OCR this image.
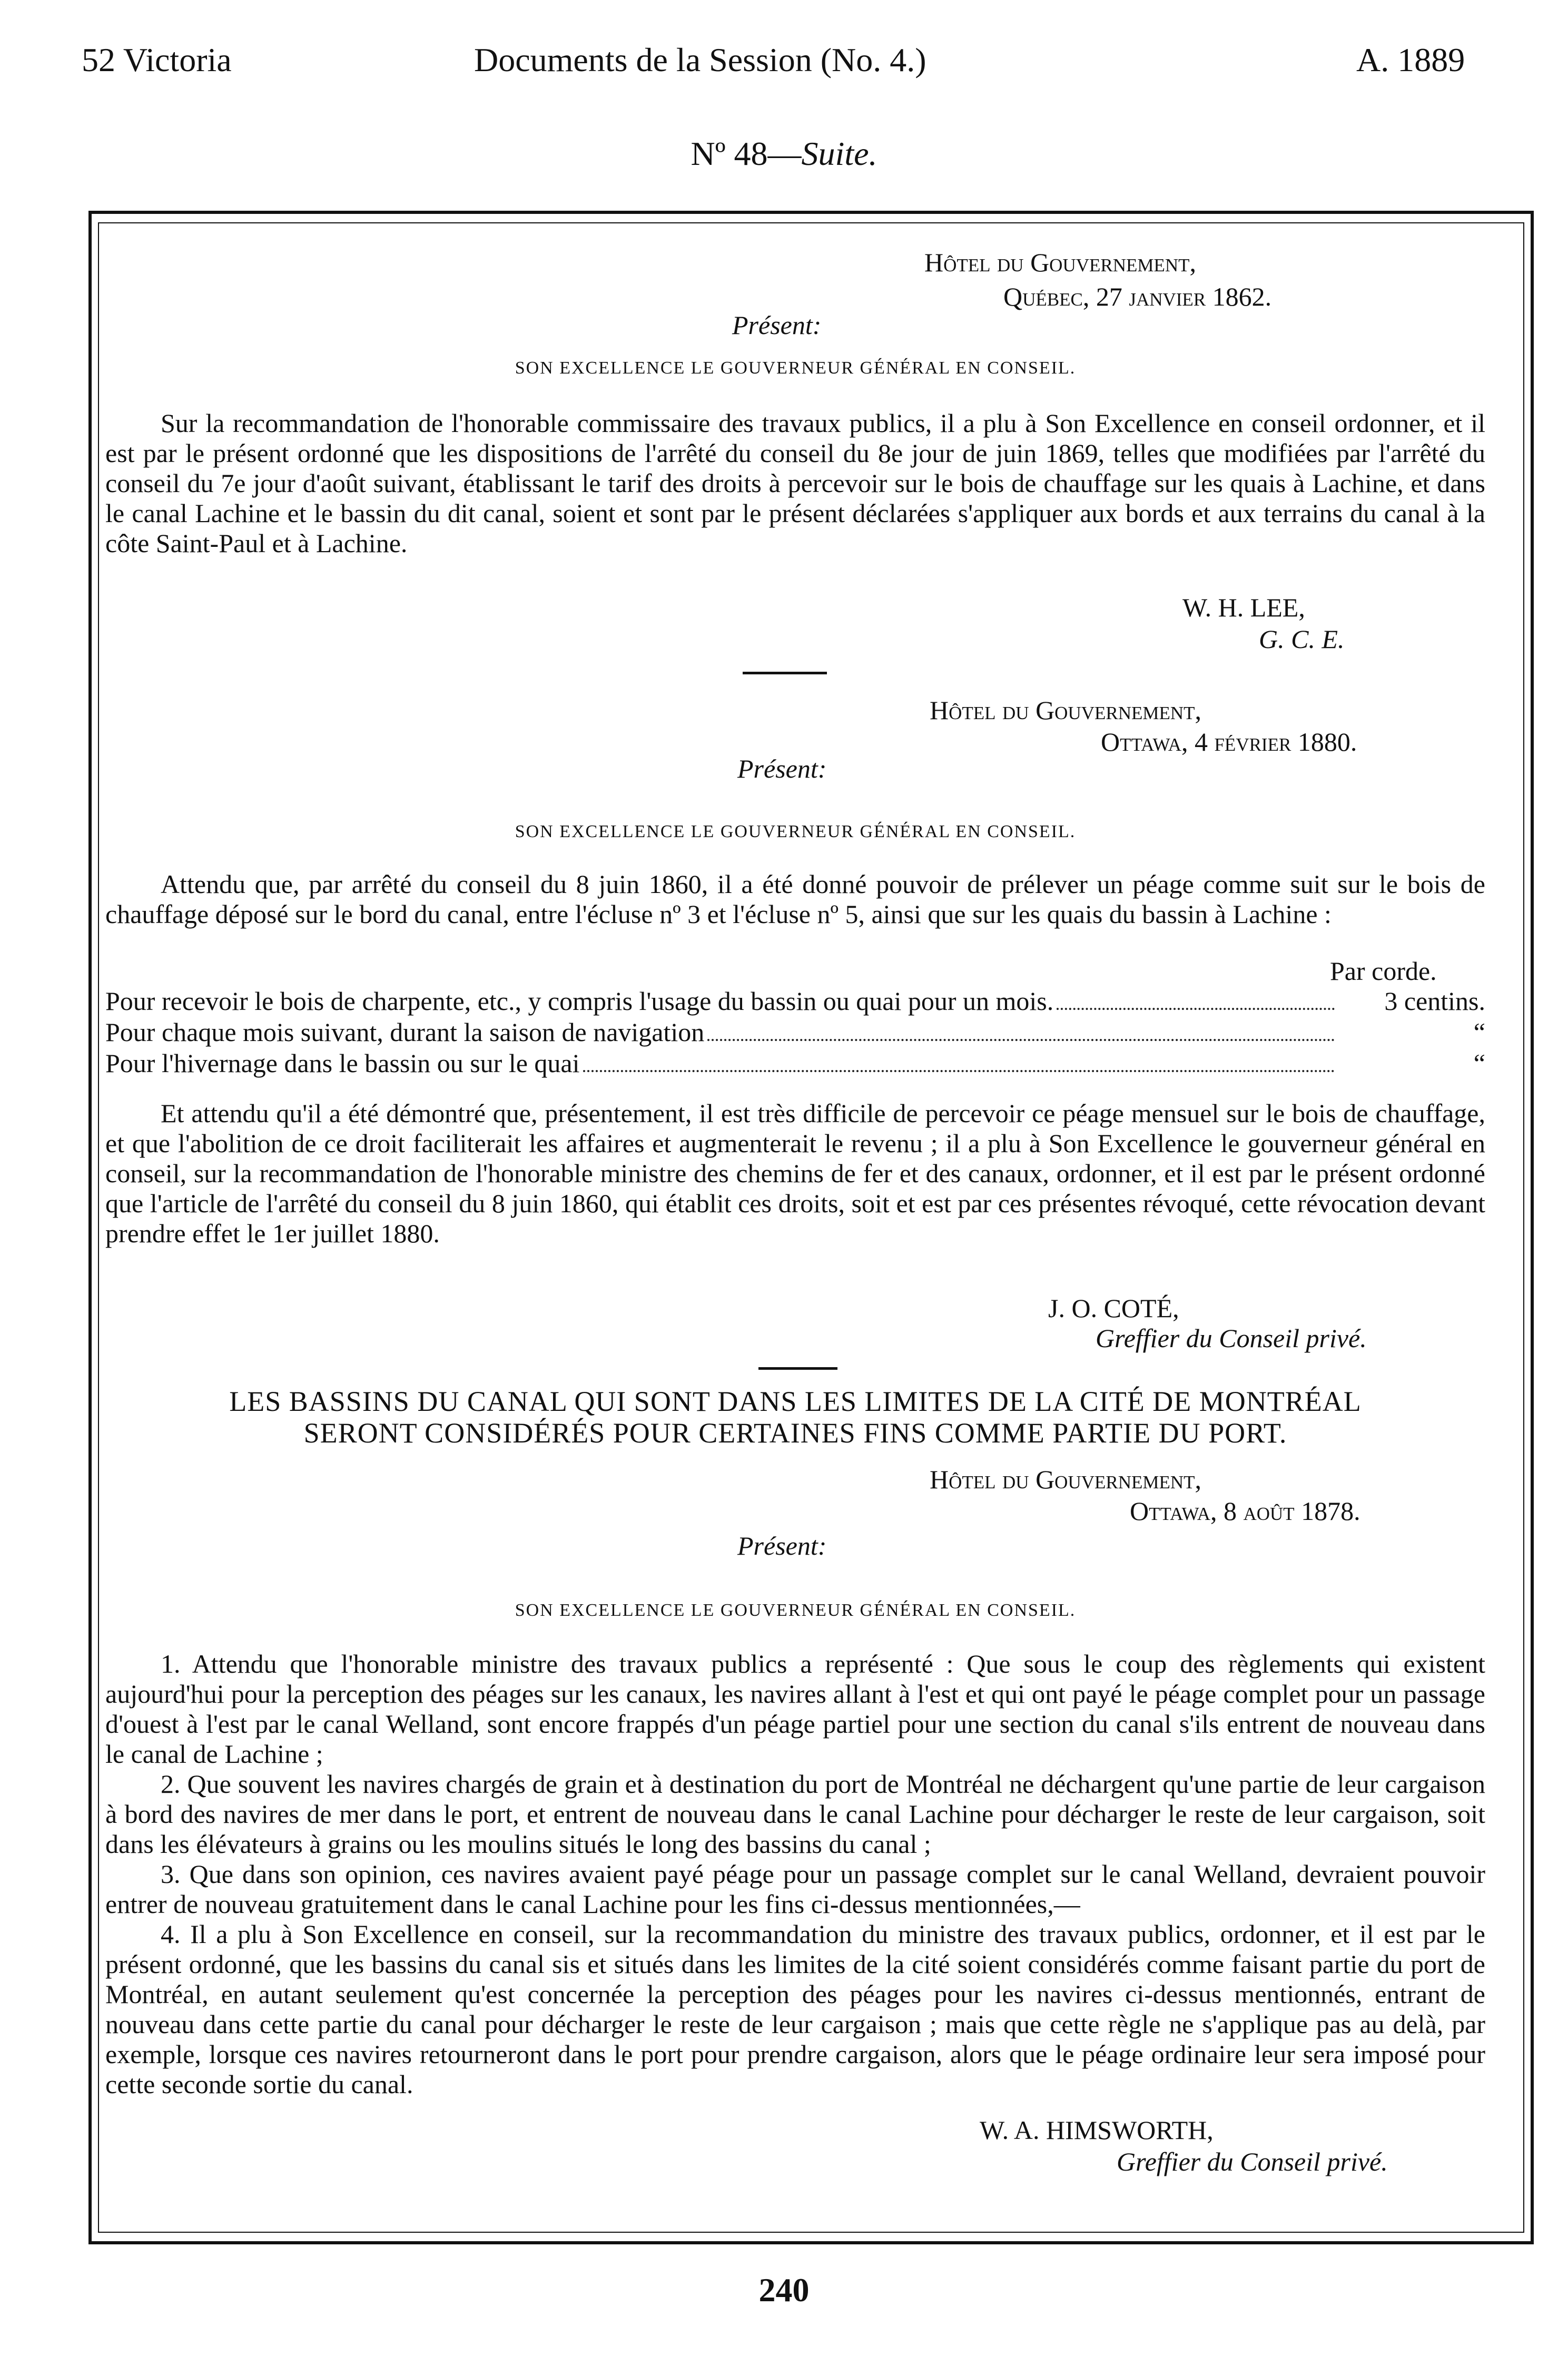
52 Victoria	Documents de la Session (No. 4.)	A. 1889
Nº 48—Suite.
Hôtel du Gouvernement,
Québec, 27 janvier 1862.
Présent:
SON EXCELLENCE LE GOUVERNEUR GÉNÉRAL EN CONSEIL.

Sur la recommandation de l'honorable commissaire des travaux publics, il a plu à Son Excellence en conseil ordonner, et il est par le présent ordonné que les dispositions de l'arrêté du conseil du 8e jour de juin 1869, telles que modifiées par l'arrêté du conseil du 7e jour d'août suivant, établissant le tarif des droits à percevoir sur le bois de chauffage sur les quais à Lachine, et dans le canal Lachine et le bassin du dit canal, soient et sont par le présent déclarées s'appliquer aux bords et aux terrains du canal à la côte Saint-Paul et à Lachine.

W. H. LEE,
G. C. E.
Hôtel du Gouvernement,
Ottawa, 4 février 1880.
Présent:
SON EXCELLENCE LE GOUVERNEUR GÉNÉRAL EN CONSEIL.

Attendu que, par arrêté du conseil du 8 juin 1860, il a été donné pouvoir de prélever un péage comme suit sur le bois de chauffage déposé sur le bord du canal, entre l'écluse nº 3 et l'écluse nº 5, ainsi que sur les quais du bassin à Lachine :

Par corde.
Pour recevoir le bois de charpente, etc., y compris l'usage du bassin ou quai pour un mois.	3 centins.
Pour chaque mois suivant, durant la saison de navigation	“
Pour l'hivernage dans le bassin ou sur le quai	“

Et attendu qu'il a été démontré que, présentement, il est très difficile de percevoir ce péage mensuel sur le bois de chauffage, et que l'abolition de ce droit faciliterait les affaires et augmenterait le revenu ; il a plu à Son Excellence le gouverneur général en conseil, sur la recommandation de l'honorable ministre des chemins de fer et des canaux, ordonner, et il est par le présent ordonné que l'article de l'arrêté du conseil du 8 juin 1860, qui établit ces droits, soit et est par ces présentes révoqué, cette révocation devant prendre effet le 1er juillet 1880.

J. O. COTÉ,
Greffier du Conseil privé.
LES BASSINS DU CANAL QUI SONT DANS LES LIMITES DE LA CITÉ DE MONTRÉAL
SERONT CONSIDÉRÉS POUR CERTAINES FINS COMME PARTIE DU PORT.
Hôtel du Gouvernement,
Ottawa, 8 août 1878.
Présent:
SON EXCELLENCE LE GOUVERNEUR GÉNÉRAL EN CONSEIL.

1. Attendu que l'honorable ministre des travaux publics a représenté : Que sous le coup des règlements qui existent aujourd'hui pour la perception des péages sur les canaux, les navires allant à l'est et qui ont payé le péage complet pour un passage d'ouest à l'est par le canal Welland, sont encore frappés d'un péage partiel pour une section du canal s'ils entrent de nouveau dans le canal de Lachine ;

2. Que souvent les navires chargés de grain et à destination du port de Montréal ne déchargent qu'une partie de leur cargaison à bord des navires de mer dans le port, et entrent de nouveau dans le canal Lachine pour décharger le reste de leur cargaison, soit dans les élévateurs à grains ou les moulins situés le long des bassins du canal ;

3. Que dans son opinion, ces navires avaient payé péage pour un passage complet sur le canal Welland, devraient pouvoir entrer de nouveau gratuitement dans le canal Lachine pour les fins ci-dessus mentionnées,—

4. Il a plu à Son Excellence en conseil, sur la recommandation du ministre des travaux publics, ordonner, et il est par le présent ordonné, que les bassins du canal sis et situés dans les limites de la cité soient considérés comme faisant partie du port de Montréal, en autant seulement qu'est concernée la perception des péages pour les navires ci-dessus mentionnés, entrant de nouveau dans cette partie du canal pour décharger le reste de leur cargaison ; mais que cette règle ne s'applique pas au delà, par exemple, lorsque ces navires retourneront dans le port pour prendre cargaison, alors que le péage ordinaire leur sera imposé pour cette seconde sortie du canal.

W. A. HIMSWORTH,
Greffier du Conseil privé.
240
